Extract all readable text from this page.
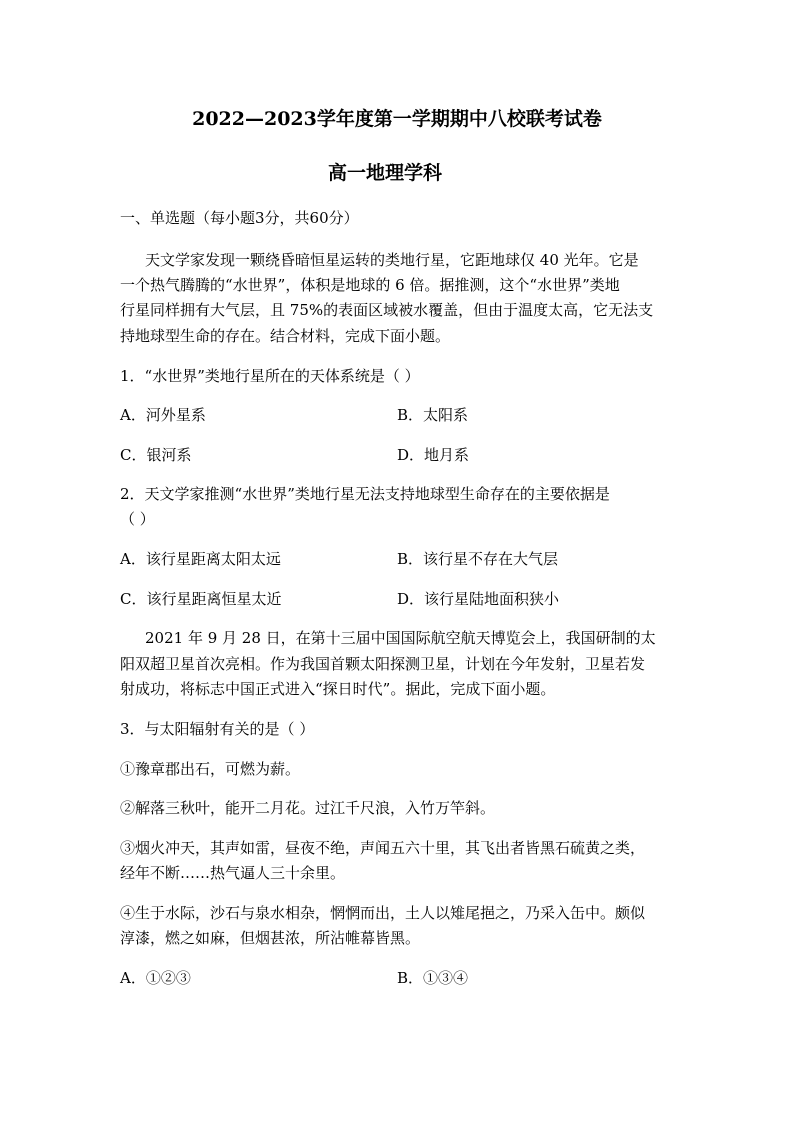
2022—2023学年度第一学期期中八校联考试卷
高一地理学科
一、单选题（每小题3分，共60分）
天文学家发现一颗绕昏暗恒星运转的类地行星，它距地球仅 40 光年。它是
一个热气腾腾的“水世界”，体积是地球的 6 倍。据推测，这个“水世界”类地
行星同样拥有大气层，且 75%的表面区域被水覆盖，但由于温度太高，它无法支
持地球型生命的存在。结合材料，完成下面小题。
1．“水世界”类地行星所在的天体系统是（ ）
A．河外星系	B．太阳系
C．银河系	D．地月系
2．天文学家推测“水世界”类地行星无法支持地球型生命存在的主要依据是
（ ）
A．该行星距离太阳太远	B．该行星不存在大气层
C．该行星距离恒星太近	D．该行星陆地面积狭小
2021 年 9 月 28 日，在第十三届中国国际航空航天博览会上，我国研制的太
阳双超卫星首次亮相。作为我国首颗太阳探测卫星，计划在今年发射，卫星若发
射成功，将标志中国正式进入“探日时代”。据此，完成下面小题。
3．与太阳辐射有关的是（ ）
①豫章郡出石，可燃为薪。
②解落三秋叶，能开二月花。过江千尺浪，入竹万竿斜。
③烟火冲天，其声如雷，昼夜不绝，声闻五六十里，其飞出者皆黑石硫黄之类，
经年不断……热气逼人三十余里。
④生于水际，沙石与泉水相杂，惘惘而出，土人以雉尾挹之，乃采入缶中。颇似
淳漆，燃之如麻，但烟甚浓，所沾帷幕皆黑。
A．①②③	B．①③④
